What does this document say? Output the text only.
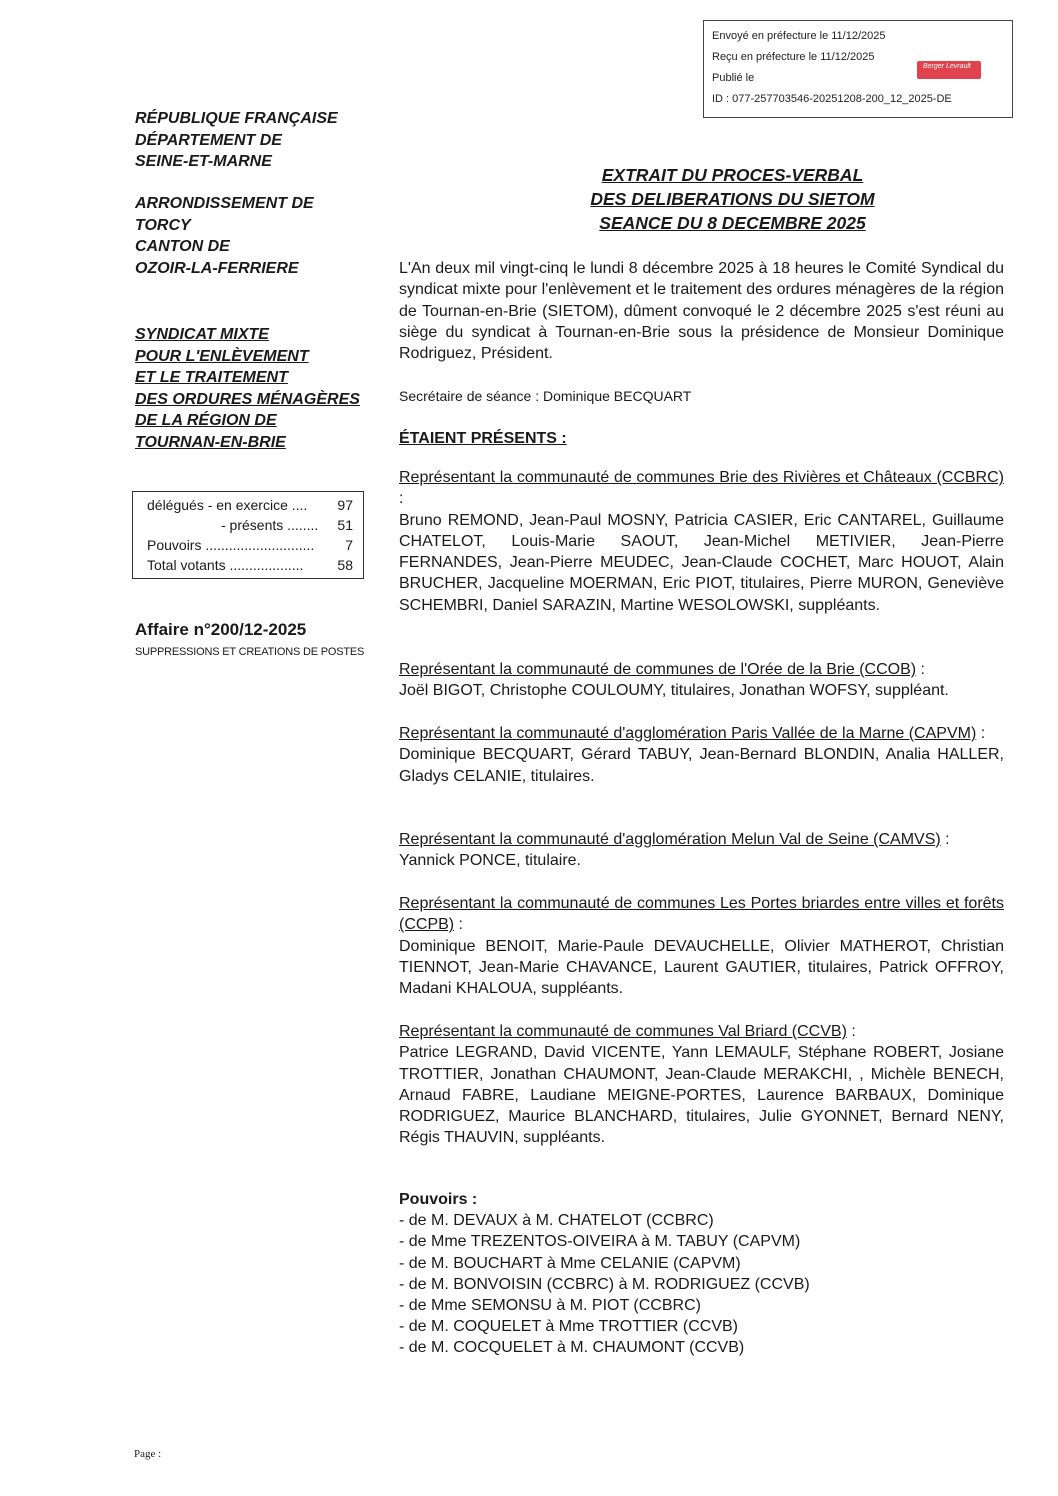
Envoyé en préfecture le 11/12/2025
Reçu en préfecture le 11/12/2025
Publié le
ID : 077-257703546-20251208-200_12_2025-DE
Berger Levrault
RÉPUBLIQUE FRANÇAISE
DÉPARTEMENT DE
SEINE-ET-MARNE
ARRONDISSEMENT DE
TORCY
CANTON DE
OZOIR-LA-FERRIERE
SYNDICAT MIXTE
POUR L'ENLÈVEMENT
ET LE TRAITEMENT
DES ORDURES MÉNAGÈRES
DE LA RÉGION DE
TOURNAN-EN-BRIE
délégués - en exercice .... 97
- présents ........ 51
Pouvoirs ............................ 7
Total votants ................... 58
Affaire n°200/12-2025
SUPPRESSIONS ET CREATIONS DE POSTES
EXTRAIT DU PROCES-VERBAL
DES DELIBERATIONS DU SIETOM
SEANCE DU 8 DECEMBRE 2025
L'An deux mil vingt-cinq le lundi 8 décembre 2025 à 18 heures le Comité Syndical du syndicat mixte pour l'enlèvement et le traitement des ordures ménagères de la région de Tournan-en-Brie (SIETOM), dûment convoqué le 2 décembre 2025 s'est réuni au siège du syndicat à Tournan-en-Brie sous la présidence de Monsieur Dominique Rodriguez, Président.
Secrétaire de séance : Dominique BECQUART
ÉTAIENT PRÉSENTS :
Représentant la communauté de communes Brie des Rivières et Châteaux (CCBRC) :
Bruno REMOND, Jean-Paul MOSNY, Patricia CASIER, Eric CANTAREL, Guillaume CHATELOT, Louis-Marie SAOUT, Jean-Michel METIVIER, Jean-Pierre FERNANDES, Jean-Pierre MEUDEC, Jean-Claude COCHET, Marc HOUOT, Alain BRUCHER, Jacqueline MOERMAN, Eric PIOT, titulaires, Pierre MURON, Geneviève SCHEMBRI, Daniel SARAZIN, Martine WESOLOWSKI, suppléants.
Représentant la communauté de communes de l'Orée de la Brie (CCOB) :
Joël BIGOT, Christophe COULOUMY, titulaires, Jonathan WOFSY, suppléant.
Représentant la communauté d'agglomération Paris Vallée de la Marne (CAPVM) :
Dominique BECQUART, Gérard TABUY, Jean-Bernard BLONDIN, Analia HALLER, Gladys CELANIE, titulaires.
Représentant la communauté d'agglomération Melun Val de Seine (CAMVS) :
Yannick PONCE, titulaire.
Représentant la communauté de communes Les Portes briardes entre villes et forêts (CCPB) :
Dominique BENOIT, Marie-Paule DEVAUCHELLE, Olivier MATHEROT, Christian TIENNOT, Jean-Marie CHAVANCE, Laurent GAUTIER, titulaires, Patrick OFFROY, Madani KHALOUA, suppléants.
Représentant la communauté de communes Val Briard (CCVB) :
Patrice LEGRAND, David VICENTE, Yann LEMAULF, Stéphane ROBERT, Josiane TROTTIER, Jonathan CHAUMONT, Jean-Claude MERAKCHI, , Michèle BENECH, Arnaud FABRE, Laudiane MEIGNE-PORTES, Laurence BARBAUX, Dominique RODRIGUEZ, Maurice BLANCHARD, titulaires, Julie GYONNET, Bernard NENY, Régis THAUVIN, suppléants.
Pouvoirs :
- de M. DEVAUX à M. CHATELOT (CCBRC)
- de Mme TREZENTOS-OIVEIRA à M. TABUY (CAPVM)
- de M. BOUCHART à Mme CELANIE (CAPVM)
- de M. BONVOISIN (CCBRC) à M. RODRIGUEZ (CCVB)
- de Mme SEMONSU à M. PIOT (CCBRC)
- de M. COQUELET à Mme TROTTIER (CCVB)
- de M. COCQUELET à M. CHAUMONT (CCVB)
Page :
